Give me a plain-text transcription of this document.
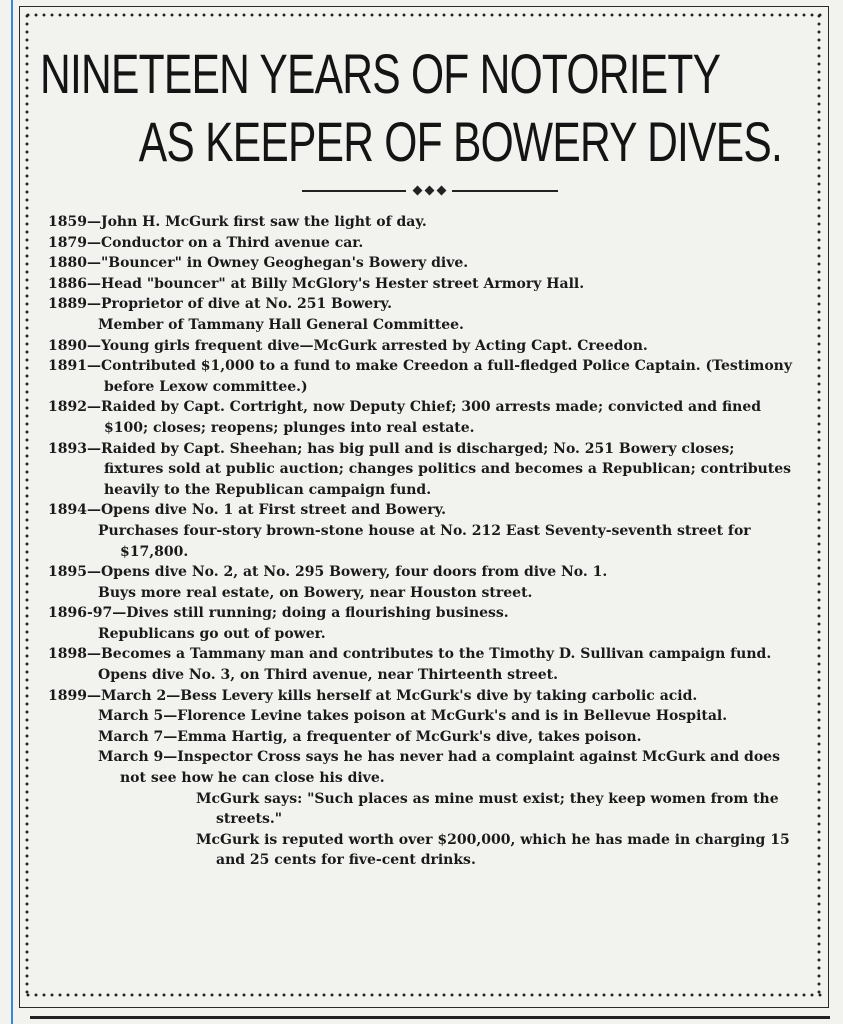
NINETEEN YEARS OF NOTORIETY
AS KEEPER OF BOWERY DIVES.
1859—John H. McGurk first saw the light of day.
1879—Conductor on a Third avenue car.
1880—"Bouncer" in Owney Geoghegan's Bowery dive.
1886—Head "bouncer" at Billy McGlory's Hester street Armory Hall.
1889—Proprietor of dive at No. 251 Bowery.
Member of Tammany Hall General Committee.
1890—Young girls frequent dive—McGurk arrested by Acting Capt. Creedon.
1891—Contributed $1,000 to a fund to make Creedon a full-fledged Police Captain. (Testimony before Lexow committee.)
1892—Raided by Capt. Cortright, now Deputy Chief; 300 arrests made; convicted and fined $100; closes; reopens; plunges into real estate.
1893—Raided by Capt. Sheehan; has big pull and is discharged; No. 251 Bowery closes; fixtures sold at public auction; changes politics and becomes a Republican; contributes heavily to the Republican campaign fund.
1894—Opens dive No. 1 at First street and Bowery.
Purchases four-story brown-stone house at No. 212 East Seventy-seventh street for $17,800.
1895—Opens dive No. 2, at No. 295 Bowery, four doors from dive No. 1.
Buys more real estate, on Bowery, near Houston street.
1896-97—Dives still running; doing a flourishing business.
Republicans go out of power.
1898—Becomes a Tammany man and contributes to the Timothy D. Sullivan campaign fund.
Opens dive No. 3, on Third avenue, near Thirteenth street.
1899—March 2—Bess Levery kills herself at McGurk's dive by taking carbolic acid.
March 5—Florence Levine takes poison at McGurk's and is in Bellevue Hospital.
March 7—Emma Hartig, a frequenter of McGurk's dive, takes poison.
March 9—Inspector Cross says he has never had a complaint against McGurk and does not see how he can close his dive.
McGurk says: "Such places as mine must exist; they keep women from the streets."
McGurk is reputed worth over $200,000, which he has made in charging 15 and 25 cents for five-cent drinks.
